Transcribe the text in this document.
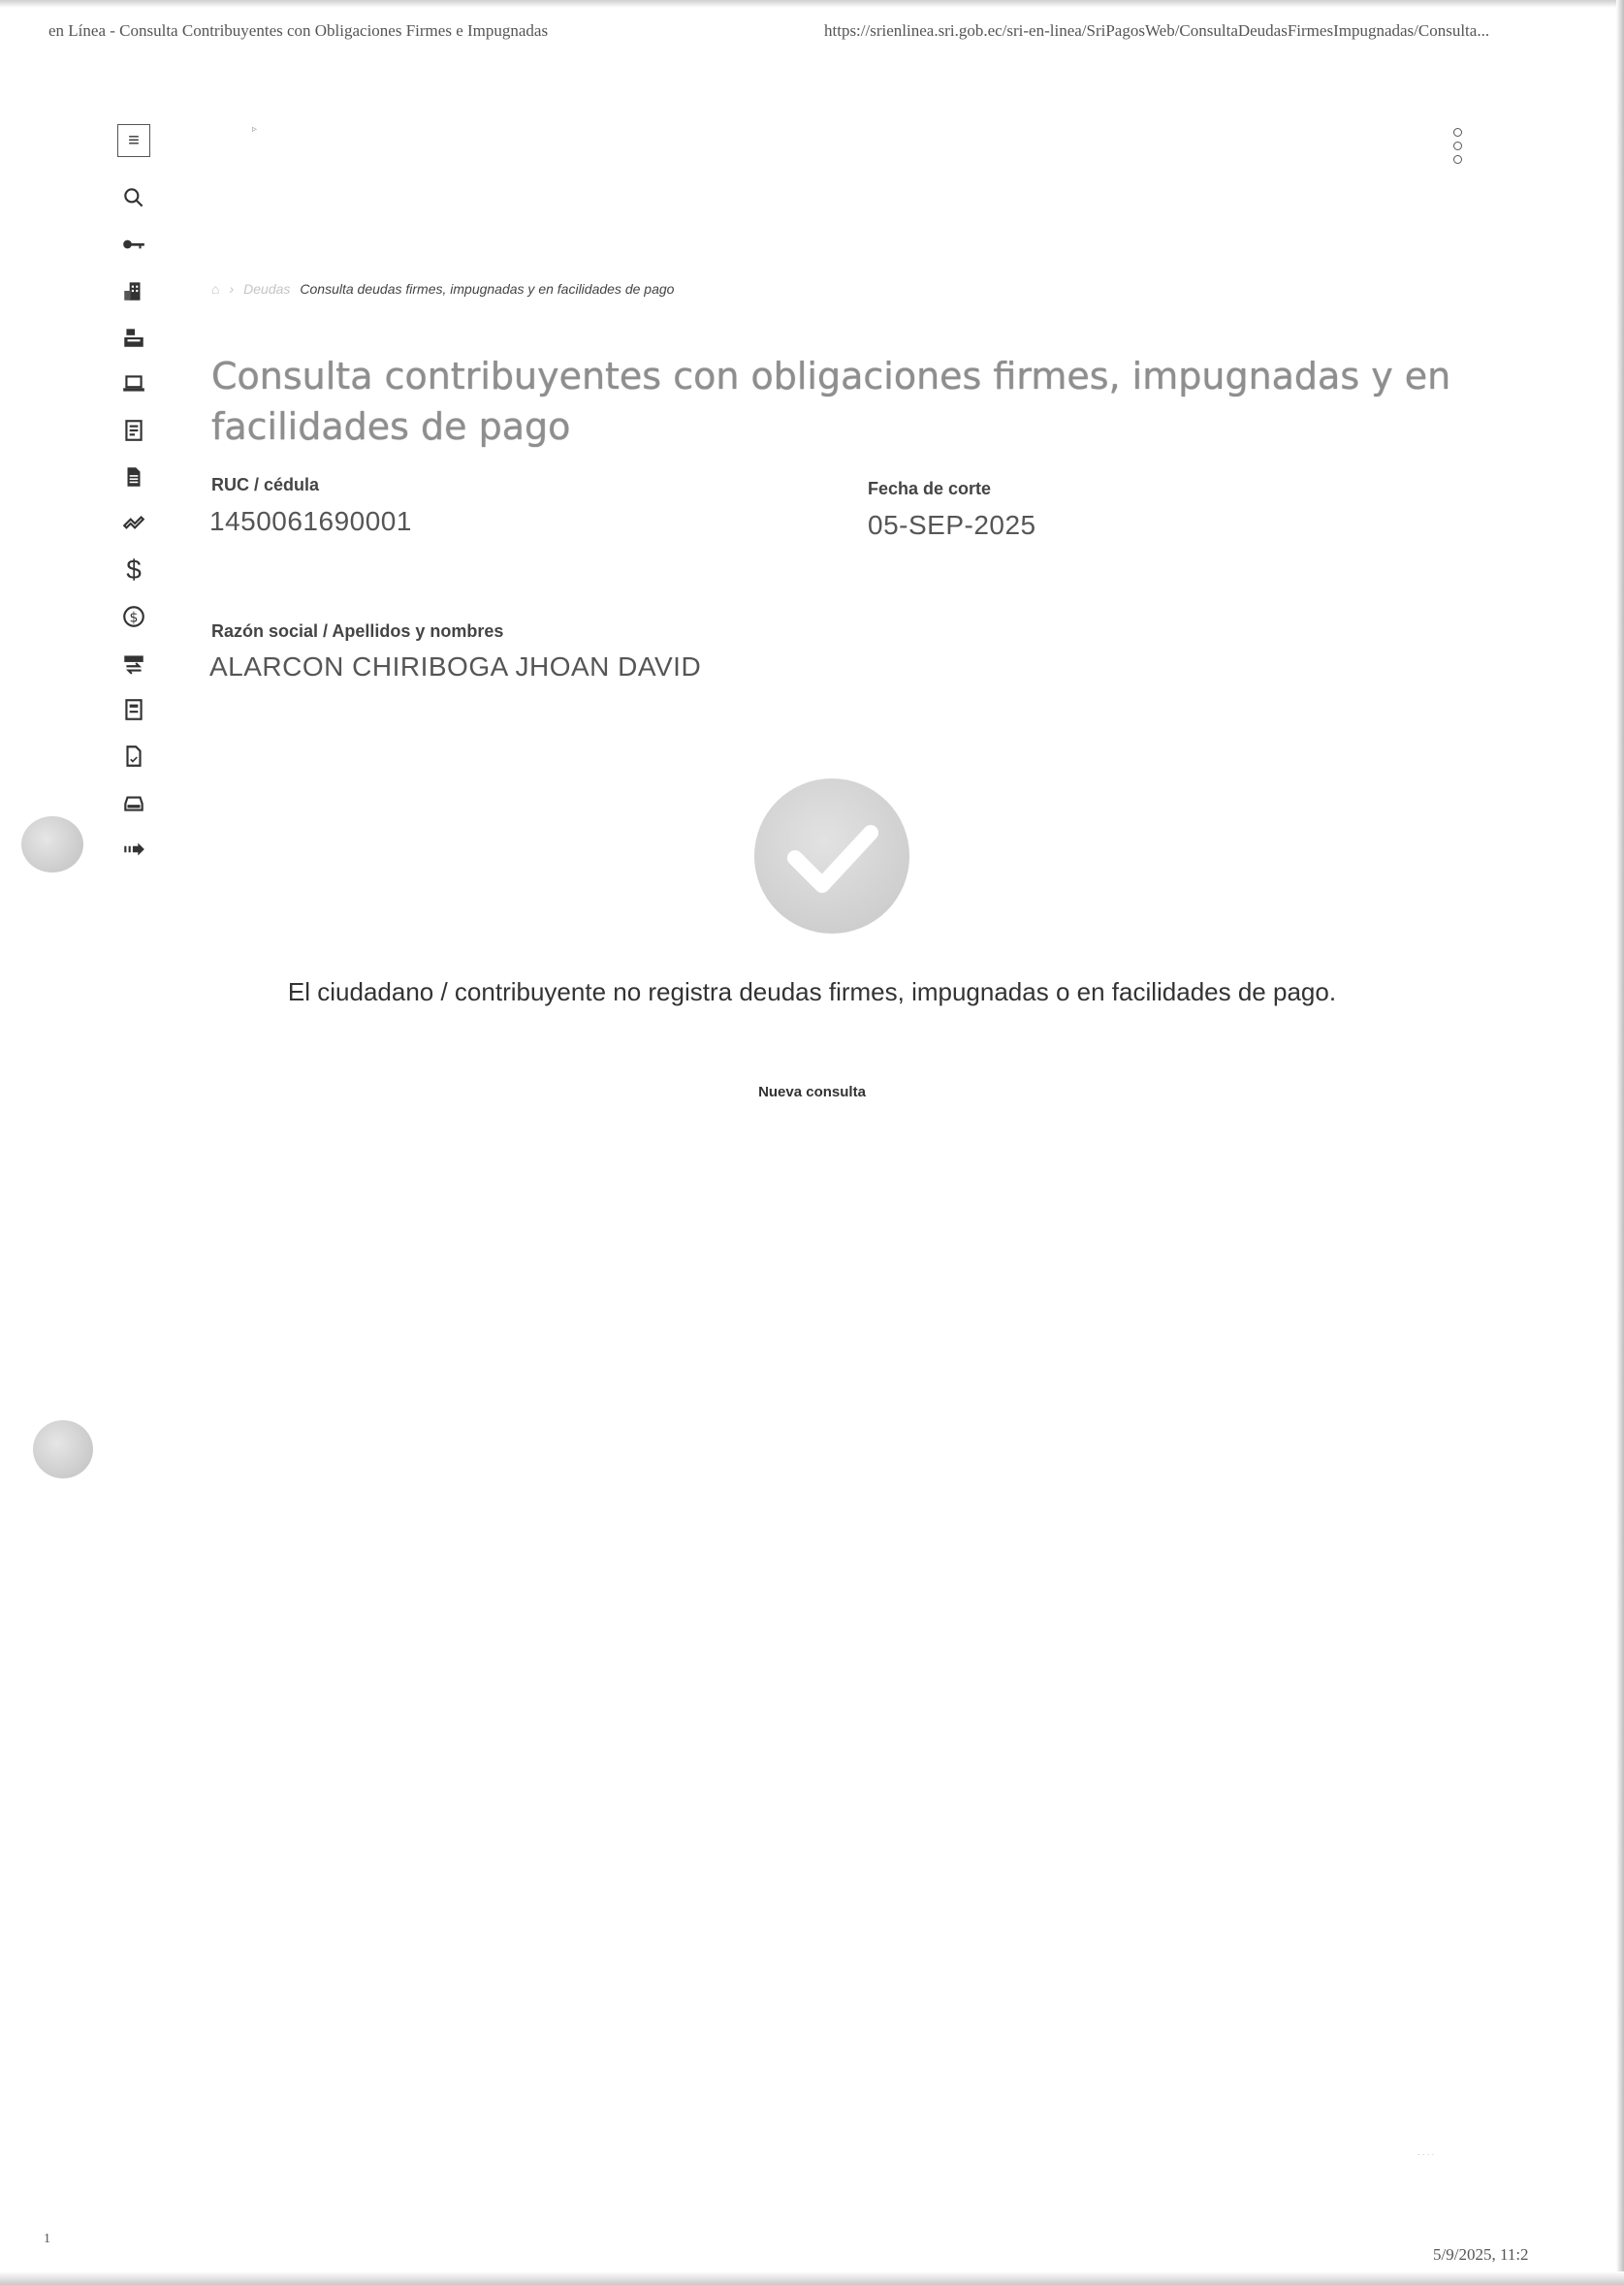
en Línea - Consulta Contribuyentes con Obligaciones Firmes e Impugnadas	https://srienlinea.sri.gob.ec/sri-en-linea/SriPagosWeb/ConsultaDeudasFirmesImpugnadas/Consulta...
▹
≡
$
$
⌂ › Deudas Consulta deudas firmes, impugnadas y en facilidades de pago
Consulta contribuyentes con obligaciones firmes, impugnadas y en facilidades de pago
RUC / cédula
1450061690001
Fecha de corte
05-SEP-2025
Razón social / Apellidos y nombres
ALARCON CHIRIBOGA JHOAN DAVID
El ciudadano / contribuyente no registra deudas firmes, impugnadas o en facilidades de pago.
Nueva consulta
· · · ·
1
5/9/2025, 11:2
